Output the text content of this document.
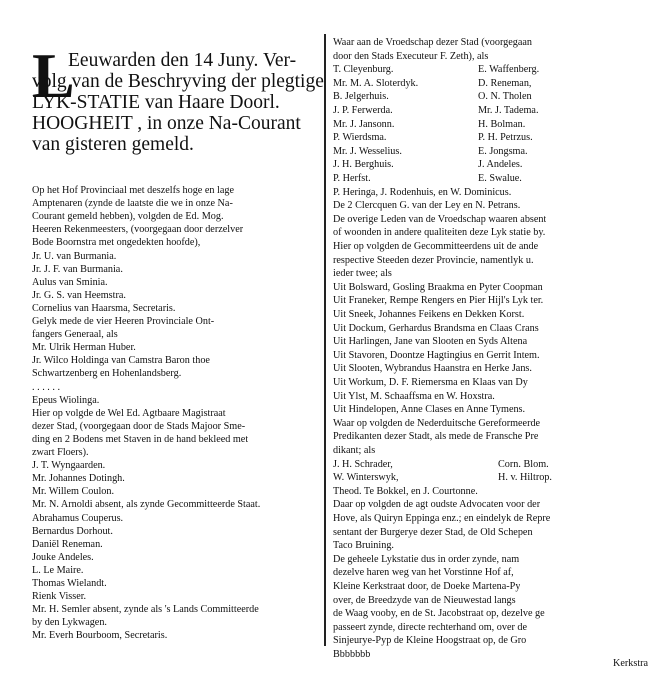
L
Eeuwarden den 14 Juny. Ver-
volg van de Beschryving der plegtige
LYK-STATIE van Haare Doorl.
HOOGHEIT , in onze Na-Courant
van gisteren gemeld.
Op het Hof Provinciaal met deszelfs hoge en lage
Amptenaren (zynde de laatste die we in onze Na-
Courant gemeld hebben), volgden de Ed. Mog.
Heeren Rekenmeesters, (voorgegaan door derzelver
Bode Boornstra met ongedekten hoofde),
Jr. U. van Burmania.
Jr. J. F. van Burmania.
Aulus van Sminia.
Jr. G. S. van Heemstra.
Cornelius van Haarsma, Secretaris.
Gelyk mede de vier Heeren Provinciale Ont-
fangers Generaal, als
Mr. Ulrik Herman Huber.
Jr. Wilco Holdinga van Camstra Baron thoe
Schwartzenberg en Hohenlandsberg.
. . . . . .
Epeus Wiolinga.
Hier op volgde de Wel Ed. Agtbaare Magistraat
dezer Stad, (voorgegaan door de Stads Majoor Sme-
ding en 2 Bodens met Staven in de hand bekleed met
zwart Floers).
J. T. Wyngaarden.
Mr. Johannes Dotingh.
Mr. Willem Coulon.
Mr. N. Arnoldi absent, als zynde Gecommitteerde Staat.
Abrahamus Couperus.
Bernardus Dorhout.
Daniël Reneman.
Jouke Andeles.
L. Le Maire.
Thomas Wielandt.
Rienk Visser.
Mr. H. Semler absent, zynde als 's Lands Committeerde
by den Lykwagen.
Mr. Everh Bourboom, Secretaris.
Waar aan de Vroedschap dezer Stad (voorgegaan
door den Stads Executeur F. Zeth), als
T. Cleyenburg.
Mr. M. A. Sloterdyk.
B. Jelgerhuis.
J. P. Ferwerda.
Mr. J. Jansonn.
P. Wierdsma.
Mr. J. Wesselius.
J. H. Berghuis.
P. Herfst.
P. Heringa, J. Rodenhuis, en W. Dominicus.
De 2 Clercquen G. van der Ley en N. Petrans.
De overige Leden van de Vroedschap waaren absent
of woonden in andere qualiteiten deze Lyk statie by.
Hier op volgden de Gecommitteerdens uit de ande
respective Steeden dezer Provincie, namentlyk u.
ieder twee; als
Uit Bolsward, Gosling Braakma en Pyter Coopman
Uit Franeker, Rempe Rengers en Pier Hijl's Lyk ter.
Uit Sneek, Johannes Feikens en Dekken Korst.
Uit Dockum, Gerhardus Brandsma en Claas Crans
Uit Harlingen, Jane van Slooten en Syds Altena
Uit Stavoren, Doontze Hagtingius en Gerrit Intem.
Uit Slooten, Wybrandus Haanstra en Herke Jans.
Uit Workum, D. F. Riemersma en Klaas van Dy
Uit Ylst, M. Schaaffsma en W. Hoxstra.
Uit Hindelopen, Anne Clases en Anne Tymens.
Waar op volgden de Nederduitsche Gereformeerde
Predikanten dezer Stadt, als mede de Fransche Pre
dikant; als
J. H. Schrader,
W. Winterswyk,
Theod. Te Bokkel, en J. Courtonne.
Daar op volgden de agt oudste Advocaten voor der
Hove, als Quiryn Eppinga enz.; en eindelyk de Repre
sentant der Burgerye dezer Stad, de Old Schepen
Taco Bruining.
De geheele Lykstatie dus in order zynde, nam
dezelve haren weg van het Vorstinne Hof af,
Kleine Kerkstraat door, de Doeke Martena-Py
over, de Breedzyde van de Nieuwestad langs
de Waag vooby, en de St. Jacobstraat op, dezelve ge
passeert zynde, directe rechterhand om, over de
Sinjeurye-Pyp de Kleine Hoogstraat op, de Gro
Bbbbbbb
E. Waffenberg.
D. Reneman,
O. N. Tholen
Mr. J. Tadema.
H. Bolman.
P. H. Petrzus.
E. Jongsma.
J. Andeles.
E. Swalue.
Corn. Blom.
H. v. Hiltrop.
Kerkstra
